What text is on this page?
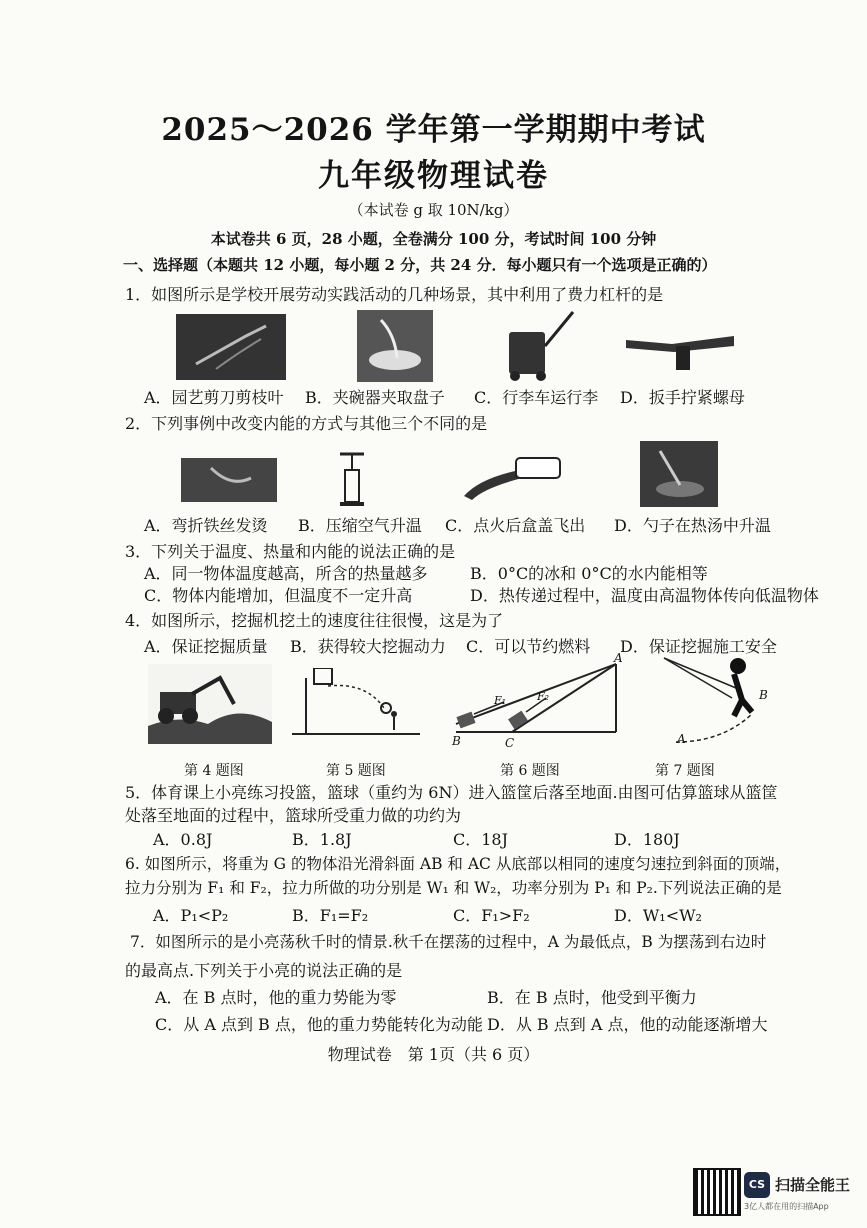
2025～2026 学年第一学期期中考试
九年级物理试卷
（本试卷 g 取 10N/kg）
本试卷共 6 页，28 小题，全卷满分 100 分，考试时间 100 分钟
一、选择题（本题共 12 小题，每小题 2 分，共 24 分．每小题只有一个选项是正确的）
1．如图所示是学校开展劳动实践活动的几种场景，其中利用了费力杠杆的是
A．园艺剪刀剪枝叶 B．夹碗器夹取盘子 C．行李车运行李 D．扳手拧紧螺母
2．下列事例中改变内能的方式与其他三个不同的是
A．弯折铁丝发烫 B．压缩空气升温 C．点火后盒盖飞出 D．勺子在热汤中升温
3．下列关于温度、热量和内能的说法正确的是
A．同一物体温度越高，所含的热量越多	B．0°C的冰和 0°C的水内能相等
C．物体内能增加，但温度不一定升高	D．热传递过程中，温度由高温物体传向低温物体
4．如图所示，挖掘机挖土的速度往往很慢，这是为了
A．保证挖掘质量 B．获得较大挖掘动力 C．可以节约燃料 D．保证挖掘施工安全
A
B	C
F₁	F₂
A
B
第 4 题图	第 5 题图	第 6 题图	第 7 题图
5．体育课上小亮练习投篮，篮球（重约为 6N）进入篮筐后落至地面.由图可估算篮球从篮筐
处落至地面的过程中，篮球所受重力做的功约为
A．0.8J	B．1.8J	C．18J	D．180J
6. 如图所示，将重为 G 的物体沿光滑斜面 AB 和 AC 从底部以相同的速度匀速拉到斜面的顶端，
拉力分别为 F₁ 和 F₂，拉力所做的功分别是 W₁ 和 W₂，功率分别为 P₁ 和 P₂.下列说法正确的是
A．P₁<P₂	B．F₁=F₂	C．F₁>F₂	D．W₁<W₂
7．如图所示的是小亮荡秋千时的情景.秋千在摆荡的过程中，A 为最低点，B 为摆荡到右边时
的最高点.下列关于小亮的说法正确的是
A．在 B 点时，他的重力势能为零	B．在 B 点时，他受到平衡力
C．从 A 点到 B 点，他的重力势能转化为动能 D．从 B 点到 A 点，他的动能逐渐增大
物理试卷　第 1页（共 6 页）
CS 扫描全能王
3亿人都在用的扫描App
